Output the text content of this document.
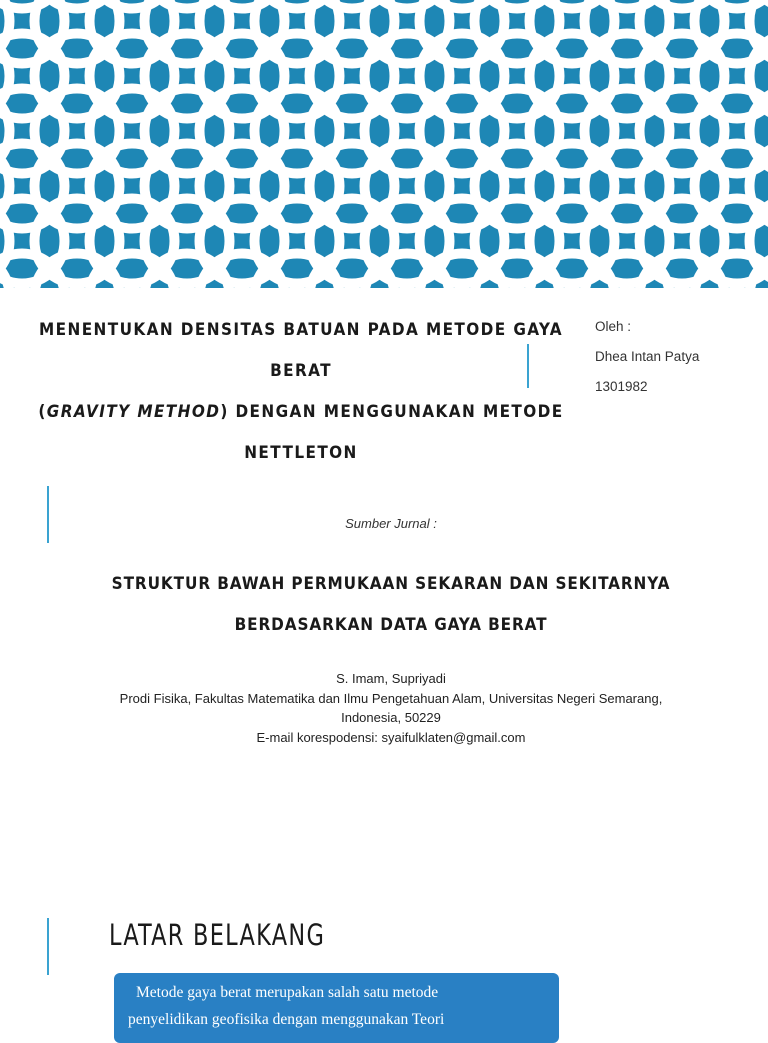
MENENTUKAN DENSITAS BATUAN PADA METODE GAYA BERAT
(GRAVITY METHOD) DENGAN MENGGUNAKAN METODE
NETTLETON
Oleh :
Dhea Intan Patya
1301982
Sumber Jurnal :
STRUKTUR BAWAH PERMUKAAN SEKARAN DAN SEKITARNYA
BERDASARKAN DATA GAYA BERAT
S. Imam, Supriyadi
Prodi Fisika, Fakultas Matematika dan Ilmu Pengetahuan Alam, Universitas Negeri Semarang,
Indonesia, 50229
E-mail korespodensi: syaifulklaten@gmail.com
LATAR BELAKANG
Metode gaya berat merupakan salah satu metode
penyelidikan geofisika dengan menggunakan Teori
